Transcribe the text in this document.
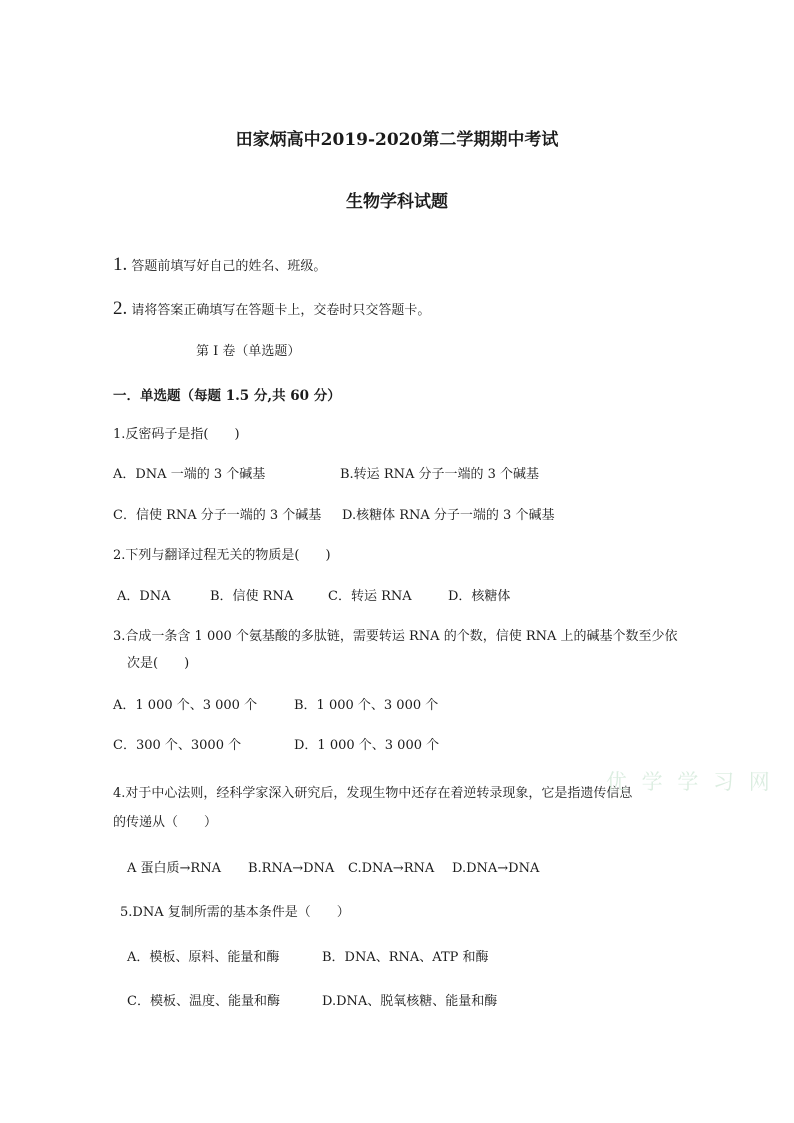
田家炳高中2019-2020第二学期期中考试
生物学科试题
1. 答题前填写好自己的姓名、班级。
2. 请将答案正确填写在答题卡上，交卷时只交答题卡。
第 I 卷（单选题）
一．单选题（每题 1.5 分,共 60 分）
1.反密码子是指(　　)
A．DNA 一端的 3 个碱基	B.转运 RNA 分子一端的 3 个碱基
C．信使 RNA 分子一端的 3 个碱基 D.核糖体 RNA 分子一端的 3 个碱基
2.下列与翻译过程无关的物质是(　　)
A．DNA	B．信使 RNA	C．转运 RNA	D．核糖体
3.合成一条含 1 000 个氨基酸的多肽链，需要转运 RNA 的个数，信使 RNA 上的碱基个数至少依
次是(　　)
A．1 000 个、3 000 个	B．1 000 个、3 000 个
C．300 个、3000 个	D．1 000 个、3 000 个
4.对于中心法则，经科学家深入研究后，发现生物中还存在着逆转录现象，它是指遗传信息
的传递从（　　）
A 蛋白质→RNA B.RNA→DNA C.DNA→RNA D.DNA→DNA
5.DNA 复制所需的基本条件是（　　）
A．模板、原料、能量和酶	B．DNA、RNA、ATP 和酶
C．模板、温度、能量和酶	D.DNA、脱氧核糖、能量和酶
优 学 学 习 网
